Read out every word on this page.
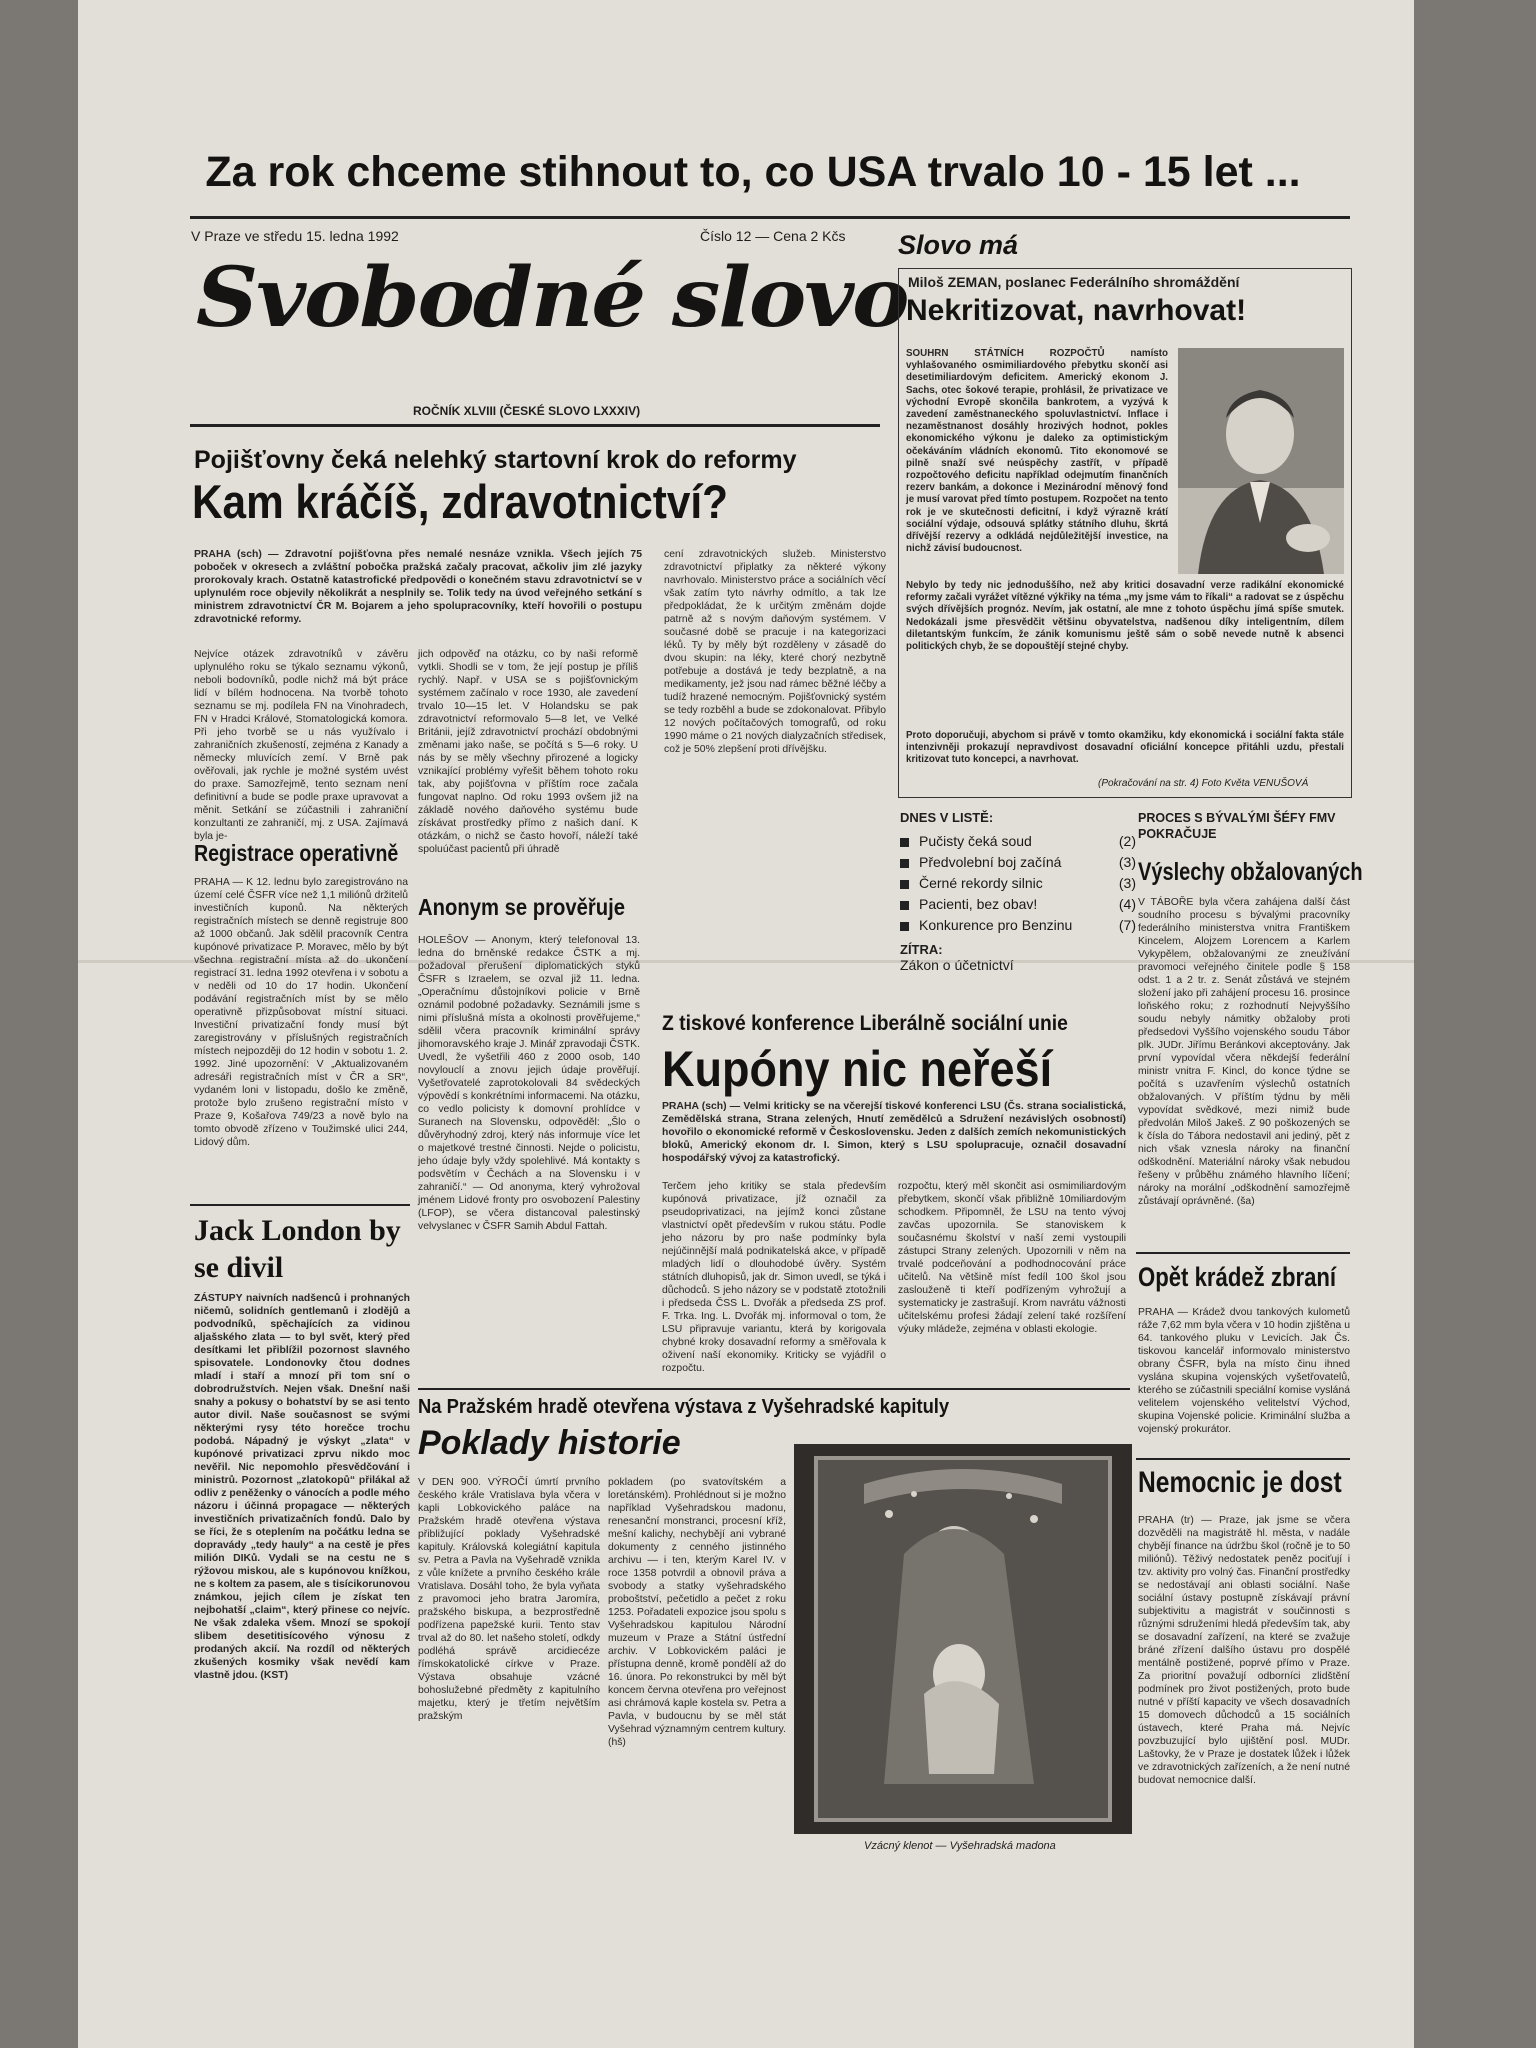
Za rok chceme stihnout to, co USA trvalo 10 - 15 let ...
V Praze ve středu 15. ledna 1992	Číslo 12 — Cena 2 Kčs
Svobodné slovo
ROČNÍK XLVIII (ČESKÉ SLOVO LXXXIV)
Slovo má
Miloš ZEMAN, poslanec Federálního shromáždění
Nekritizovat, navrhovat!
SOUHRN STÁTNÍCH ROZPOČTŮ namísto vyhlašovaného osmimiliardového přebytku skončí asi desetimiliardovým deficitem. Americký ekonom J. Sachs, otec šokové terapie, prohlásil, že privatizace ve východní Evropě skončila bankrotem, a vyzývá k zavedení zaměstnaneckého spoluvlastnictví. Inflace i nezaměstnanost dosáhly hrozivých hodnot, pokles ekonomického výkonu je daleko za optimistickým očekáváním vládních ekonomů. Tito ekonomové se pilně snaží své neúspěchy zastřít, v případě rozpočtového deficitu například odejmutím finančních rezerv bankám, a dokonce i Mezinárodní měnový fond je musí varovat před tímto postupem. Rozpočet na tento rok je ve skutečnosti deficitní, i když výrazně krátí sociální výdaje, odsouvá splátky státního dluhu, škrtá dřívější rezervy a odkládá nejdůležitější investice, na nichž závisí budoucnost.
Nebylo by tedy nic jednoduššího, než aby kritici dosavadní verze radikální ekonomické reformy začali vyrážet vítězné výkřiky na téma „my jsme vám to říkali“ a radovat se z úspěchu svých dřívějších prognóz. Nevím, jak ostatní, ale mne z tohoto úspěchu jímá spíše smutek. Nedokázali jsme přesvědčit většinu obyvatelstva, nadšenou díky inteligentním, dílem diletantským funkcím, že zánik komunismu ještě sám o sobě nevede nutně k absenci politických chyb, že se dopouštějí stejné chyby.
Proto doporučuji, abychom si právě v tomto okamžiku, kdy ekonomická i sociální fakta stále intenzivněji prokazují nepravdivost dosavadní oficiální koncepce přitáhli uzdu, přestali kritizovat tuto koncepci, a navrhovat.
(Pokračování na str. 4) Foto Květa VENUŠOVÁ
Pojišťovny čeká nelehký startovní krok do reformy
Kam kráčíš, zdravotnictví?
PRAHA (sch) — Zdravotní pojišťovna přes nemalé nesnáze vznikla. Všech jejích 75 poboček v okresech a zvláštní pobočka pražská začaly pracovat, ačkoliv jim zlé jazyky prorokovaly krach. Ostatně katastrofické předpovědi o konečném stavu zdravotnictví se v uplynulém roce objevily několikrát a nesplnily se. Tolik tedy na úvod veřejného setkání s ministrem zdravotnictví ČR M. Bojarem a jeho spolupracovníky, kteří hovořili o postupu zdravotnické reformy.
Nejvíce otázek zdravotníků v závěru uplynulého roku se týkalo seznamu výkonů, neboli bodovníků, podle nichž má být práce lidí v bílém hodnocena. Na tvorbě tohoto seznamu se mj. podílela FN na Vinohradech, FN v Hradci Králové, Stomatologická komora. Při jeho tvorbě se u nás využívalo i zahraničních zkušeností, zejména z Kanady a německy mluvících zemí. V Brně pak ověřovali, jak rychle je možné systém uvést do praxe. Samozřejmě, tento seznam není definitivní a bude se podle praxe upravovat a měnit. Setkání se zúčastnili i zahraniční konzultanti ze zahraničí, mj. z USA. Zajímavá byla je-
jich odpověď na otázku, co by naši reformě vytkli. Shodli se v tom, že její postup je příliš rychlý. Např. v USA se s pojišťovnickým systémem začínalo v roce 1930, ale zavedení trvalo 10—15 let. V Holandsku se pak zdravotnictví reformovalo 5—8 let, ve Velké Británii, jejíž zdravotnictví prochází obdobnými změnami jako naše, se počítá s 5—6 roky. U nás by se měly všechny přirozené a logicky vznikající problémy vyřešit během tohoto roku tak, aby pojišťovna v příštím roce začala fungovat naplno. Od roku 1993 ovšem již na základě nového daňového systému bude získávat prostředky přímo z našich daní. K otázkám, o nichž se často hovoří, náleží také spoluúčast pacientů při úhradě
cení zdravotnických služeb. Ministerstvo zdravotnictví připlatky za některé výkony navrhovalo. Ministerstvo práce a sociálních věcí však zatím tyto návrhy odmítlo, a tak lze předpokládat, že k určitým změnám dojde patrně až s novým daňovým systémem. V současné době se pracuje i na kategorizaci léků. Ty by měly být rozděleny v zásadě do dvou skupin: na léky, které chorý nezbytně potřebuje a dostává je tedy bezplatně, a na medikamenty, jež jsou nad rámec běžné léčby a tudíž hrazené nemocným. Pojišťovnický systém se tedy rozběhl a bude se zdokonalovat. Přibylo 12 nových počítačových tomografů, od roku 1990 máme o 21 nových dialyzačních středisek, což je 50% zlepšení proti dřívějšku.
Registrace operativně
PRAHA — K 12. lednu bylo zaregistrováno na území celé ČSFR více než 1,1 miliónů držitelů investičních kuponů. Na některých registračních místech se denně registruje 800 až 1000 občanů. Jak sdělil pracovník Centra kupónové privatizace P. Moravec, mělo by být všechna registrační místa až do ukončení registrací 31. ledna 1992 otevřena i v sobotu a v neděli od 10 do 17 hodin. Ukončení podávání registračních míst by se mělo operativně přizpůsobovat místní situaci. Investiční privatizační fondy musí být zaregistrovány v příslušných registračních místech nejpozději do 12 hodin v sobotu 1. 2. 1992. Jiné upozornění: V „Aktualizovaném adresáři registračních míst v ČR a SR“, vydaném loni v listopadu, došlo ke změně, protože bylo zrušeno registrační místo v Praze 9, Košařova 749/23 a nově bylo na tomto obvodě zřízeno v Toužimské ulici 244, Lidový dům.
Anonym se prověřuje
HOLEŠOV — Anonym, který telefonoval 13. ledna do brněnské redakce ČSTK a mj. požadoval přerušení diplomatických styků ČSFR s Izraelem, se ozval již 11. ledna. „Operačnímu důstojníkovi policie v Brně oznámil podobné požadavky. Seznámili jsme s nimi příslušná místa a okolnosti prověřujeme,“ sdělil včera pracovník kriminální správy jihomoravského kraje J. Minář zpravodaji ČSTK. Uvedl, že vyšetřili 460 z 2000 osob, 140 novylouclí a znovu jejich údaje prověřují. Vyšetřovatelé zaprotokolovali 84 svědeckých výpovědí s konkrétními informacemi. Na otázku, co vedlo policisty k domovní prohlídce v Suranech na Slovensku, odpověděl: „Šlo o důvěryhodný zdroj, který nás informuje více let o majetkové trestné činnosti. Nejde o policistu, jeho údaje byly vždy spolehlivé. Má kontakty s podsvětím v Čechách a na Slovensku i v zahraničí.“ — Od anonyma, který vyhrožoval jménem Lidové fronty pro osvobození Palestiny (LFOP), se včera distancoval palestinský velvyslanec v ČSFR Samih Abdul Fattah.
Jack London by se divil
ZÁSTUPY naivních nadšenců i prohnaných ničemů, solidních gentlemanů i zlodějů a podvodníků, spěchajících za vidinou aljašského zlata — to byl svět, který před desítkami let přiblížil pozornost slavného spisovatele. Londonovky čtou dodnes mladí i staří a mnozí při tom sní o dobrodružstvích. Nejen však. Dnešní naši snahy a pokusy o bohatství by se asi tento autor divil. Naše současnost se svými některými rysy této horečce trochu podobá. Nápadný je výskyt „zlata“ v kupónové privatizaci zprvu nikdo moc nevěřil. Nic nepomohlo přesvědčování i ministrů. Pozornost „zlatokopů“ přilákal až odliv z peněženky o vánocích a podle mého názoru i účinná propagace — některých investičních privatizačních fondů. Dalo by se říci, že s oteplením na počátku ledna se dopravády „tedy hauly“ a na cestě je přes milión DIKů. Vydali se na cestu ne s rýžovou miskou, ale s kupónovou knížkou, ne s koltem za pasem, ale s tisícikorunovou známkou, jejich cílem je získat ten nejbohatší „claim“, který přinese co nejvíc. Ne však zdaleka všem. Mnozí se spokojí slibem desetitisícového výnosu z prodaných akcií. Na rozdíl od některých zkušených kosmiky však nevědí kam vlastně jdou. (KST)
DNES V LISTĚ:
Pučisty čeká soud	(2)
Předvolební boj začíná	(3)
Černé rekordy silnic	(3)
Pacienti, bez obav!	(4)
Konkurence pro Benzinu	(7)
ZÍTRA:
Zákon o účetnictví
PROCES S BÝVALÝMI ŠÉFY FMV POKRAČUJE
Výslechy obžalovaných
V TÁBOŘE byla včera zahájena další část soudního procesu s bývalými pracovníky federálního ministerstva vnitra Františkem Kincelem, Alojzem Lorencem a Karlem Vykypělem, obžalovanými ze zneužívání pravomoci veřejného činitele podle § 158 odst. 1 a 2 tr. z. Senát zůstává ve stejném složení jako při zahájení procesu 16. prosince loňského roku; z rozhodnutí Nejvyššího soudu nebyly námitky obžaloby proti předsedovi Vyššího vojenského soudu Tábor plk. JUDr. Jiřímu Beránkovi akceptovány. Jak první vypovídal včera někdejší federální ministr vnitra F. Kincl, do konce týdne se počítá s uzavřením výslechů ostatních obžalovaných. V příštím týdnu by měli vypovídat svědkové, mezi nimiž bude předvolán Miloš Jakeš. Z 90 poškozených se k čísla do Tábora nedostavil ani jediný, pět z nich však vznesla nároky na finanční odškodnění. Materiální nároky však nebudou řešeny v průběhu známého hlavního líčení; nároky na morální „odškodnění samozřejmě zůstávají oprávněné. (ša)
Z tiskové konference Liberálně sociální unie
Kupóny nic neřeší
PRAHA (sch) — Velmi kriticky se na včerejší tiskové konferenci LSU (Čs. strana socialistická, Zemědělská strana, Strana zelených, Hnutí zemědělců a Sdružení nezávislých osobností) hovořilo o ekonomické reformě v Československu. Jeden z dalších zemích nekomunistických bloků, Americký ekonom dr. I. Simon, který s LSU spolupracuje, označil dosavadní hospodářský vývoj za katastrofický.
Terčem jeho kritiky se stala především kupónová privatizace, jíž označil za pseudoprivatizaci, na jejímž konci zůstane vlastnictví opět především v rukou státu. Podle jeho názoru by pro naše podmínky byla nejúčinnější malá podnikatelská akce, v případě mladých lidí o dlouhodobé úvěry. Systém státních dluhopisů, jak dr. Simon uvedl, se týká i důchodců. S jeho názory se v podstatě ztotožnili i předseda ČSS L. Dvořák a předseda ZS prof. F. Trka. Ing. L. Dvořák mj. informoval o tom, že LSU připravuje variantu, která by korigovala chybné kroky dosavadní reformy a směřovala k oživení naší ekonomiky. Kriticky se vyjádřil o rozpočtu.
rozpočtu, který měl skončit asi osmimiliardovým přebytkem, skončí však přibližně 10miliardovým schodkem. Připomněl, že LSU na tento vývoj zavčas upozornila. Se stanoviskem k současnému školství v naší zemi vystoupili zástupci Strany zelených. Upozornili v něm na trvalé podceňování a podhodnocování práce učitelů. Na většině míst fedíl 100 škol jsou zaslouženě ti kteří podřízeným vyhrožují a systematicky je zastrašují. Krom navrátu vážnosti učitelskému profesi žádají zelení také rozšíření výuky mládeže, zejména v oblasti ekologie.
Opět krádež zbraní
PRAHA — Krádež dvou tankových kulometů ráže 7,62 mm byla včera v 10 hodin zjištěna u 64. tankového pluku v Levicích. Jak Čs. tiskovou kancelář informovalo ministerstvo obrany ČSFR, byla na místo činu ihned vyslána skupina vojenských vyšetřovatelů, kterého se zúčastnili speciální komise vysláná velitelem vojenského velitelství Východ, skupina Vojenské policie. Kriminální služba a vojenský prokurátor.
Nemocnic je dost
PRAHA (tr) — Praze, jak jsme se včera dozvěděli na magistrátě hl. města, v nadále chybějí finance na údržbu škol (ročně je to 50 miliónů). Těživý nedostatek peněz pociťují i tzv. aktivity pro volný čas. Finanční prostředky se nedostávají ani oblasti sociální. Naše sociální ústavy postupně získávají právní subjektivitu a magistrát v součinnosti s různými sdruženími hledá především tak, aby se dosavadní zařízení, na které se zvažuje bráné zřízení dalšího ústavu pro dospělé mentálně postižené, poprvé přímo v Praze. Za prioritní považují odborníci zlidštění podmínek pro život postižených, proto bude nutné v příští kapacity ve všech dosavadních 15 domovech důchodců a 15 sociálních ústavech, které Praha má. Nejvíc povzbuzující bylo ujištění posl. MUDr. Laštovky, že v Praze je dostatek lůžek i lůžek ve zdravotnických zařízeních, a že není nutné budovat nemocnice další.
Na Pražském hradě otevřena výstava z Vyšehradské kapituly
Poklady historie
V DEN 900. VÝROČÍ úmrtí prvního českého krále Vratislava byla včera v kapli Lobkovického paláce na Pražském hradě otevřena výstava přibližující poklady Vyšehradské kapituly. Královská kolegiátní kapitula sv. Petra a Pavla na Vyšehradě vznikla z vůle knížete a prvního českého krále Vratislava. Dosáhl toho, že byla vyňata z pravomoci jeho bratra Jaromíra, pražského biskupa, a bezprostředně podřízena papežské kurii. Tento stav trval až do 80. let našeho století, odkdy podléhá správě arcidiecéze římskokatolické církve v Praze. Výstava obsahuje vzácné bohoslužebné předměty z kapitulního majetku, který je třetím největším pražským
pokladem (po svatovítském a loretánském). Prohlédnout si je možno například Vyšehradskou madonu, renesanční monstranci, procesní kříž, mešní kalichy, nechybějí ani vybrané dokumenty z cenného jistinného archivu — i ten, kterým Karel IV. v roce 1358 potvrdil a obnovil práva a svobody a statky vyšehradského proboštství, pečetidlo a pečet z roku 1253. Pořadateli expozice jsou spolu s Vyšehradskou kapitulou Národní muzeum v Praze a Státní ústřední archiv. V Lobkovickém paláci je přístupna denně, kromě pondělí až do 16. února. Po rekonstrukci by měl být koncem června otevřena pro veřejnost asi chrámová kaple kostela sv. Petra a Pavla, v budoucnu by se měl stát Vyšehrad významným centrem kultury. (hš)
Vzácný klenot — Vyšehradská madona
